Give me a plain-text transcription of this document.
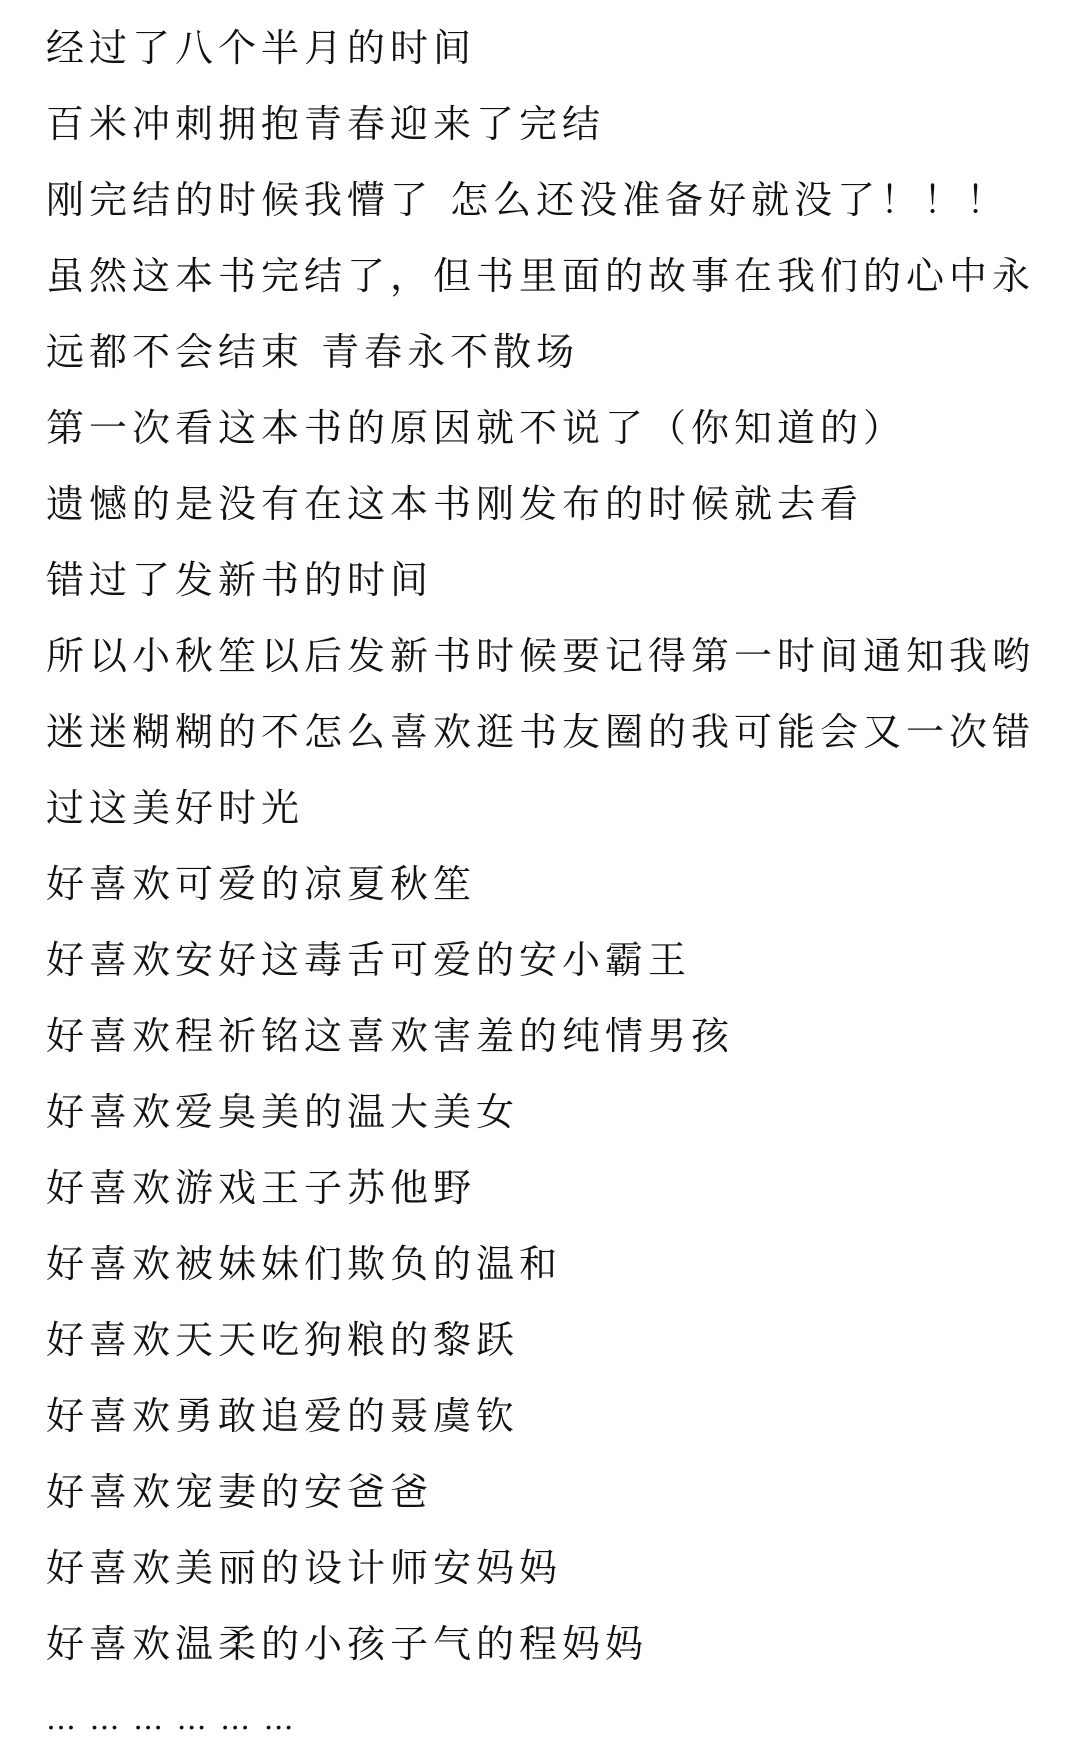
经过了八个半月的时间
百米冲刺拥抱青春迎来了完结
刚完结的时候我懵了 怎么还没准备好就没了！！！
虽然这本书完结了，但书里面的故事在我们的心中永
远都不会结束 青春永不散场
第一次看这本书的原因就不说了（你知道的）
遗憾的是没有在这本书刚发布的时候就去看
错过了发新书的时间
所以小秋笙以后发新书时候要记得第一时间通知我哟
迷迷糊糊的不怎么喜欢逛书友圈的我可能会又一次错
过这美好时光
好喜欢可爱的凉夏秋笙
好喜欢安好这毒舌可爱的安小霸王
好喜欢程祈铭这喜欢害羞的纯情男孩
好喜欢爱臭美的温大美女
好喜欢游戏王子苏他野
好喜欢被妹妹们欺负的温和
好喜欢天天吃狗粮的黎跃
好喜欢勇敢追爱的聂虞钦
好喜欢宠妻的安爸爸
好喜欢美丽的设计师安妈妈
好喜欢温柔的小孩子气的程妈妈
… … … … … …
